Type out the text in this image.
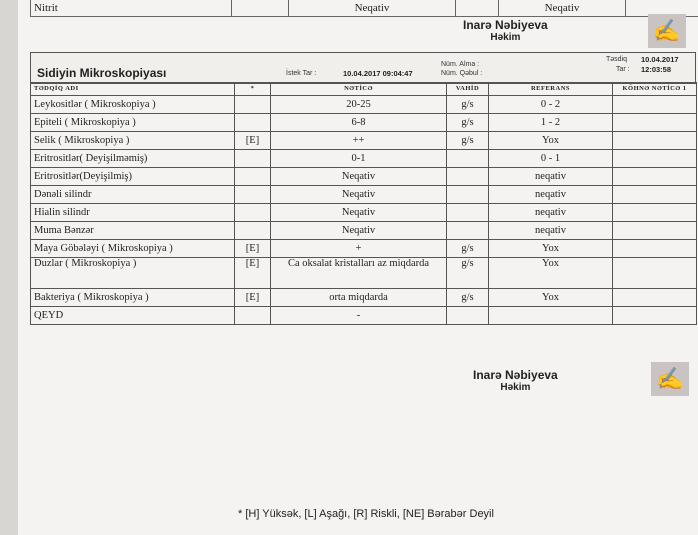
Nitrit	Neqativ	Neqativ
Inarə Nəbiyeva
Həkim	✍
Sidiyin Mikroskopiyası	İstek Tar :	10.04.2017 09:04:47
Nüm. Alma :
Nüm. Qəbul :
Təsdiq 10.04.2017
Tar : 12:03:58
TƏDQİQ ADI	*	NƏTİCƏ	VAHİD	REFERANS	KÖHNƏ NƏTİCƏ 1
Leykositlər ( Mikroskopiya )		20-25	g/s	0 - 2	
Epiteli ( Mikroskopiya )		6-8	g/s	1 - 2	
Selik ( Mikroskopiya )	[E]	++	g/s	Yox	
Eritrositlər( Deyişilməmiş)		0-1		0 - 1	
Eritrositlər(Deyişilmiş)		Neqativ		neqativ	
Dənəli silindr		Neqativ		neqativ	
Hialin silindr		Neqativ		neqativ	
Muma Bənzər		Neqativ		neqativ	
Maya Göbələyi ( Mikroskopiya )	[E]	+	g/s	Yox	
Duzlar ( Mikroskopiya )	[E]	Ca oksalat kristalları az miqdarda	g/s	Yox	
Bakteriya ( Mikroskopiya )	[E]	orta miqdarda	g/s	Yox	
QEYD		-			
Inarə Nəbiyeva
Həkim	✍
* [H] Yüksək, [L] Aşağı, [R] Riskli, [NE] Bərabər Deyil
